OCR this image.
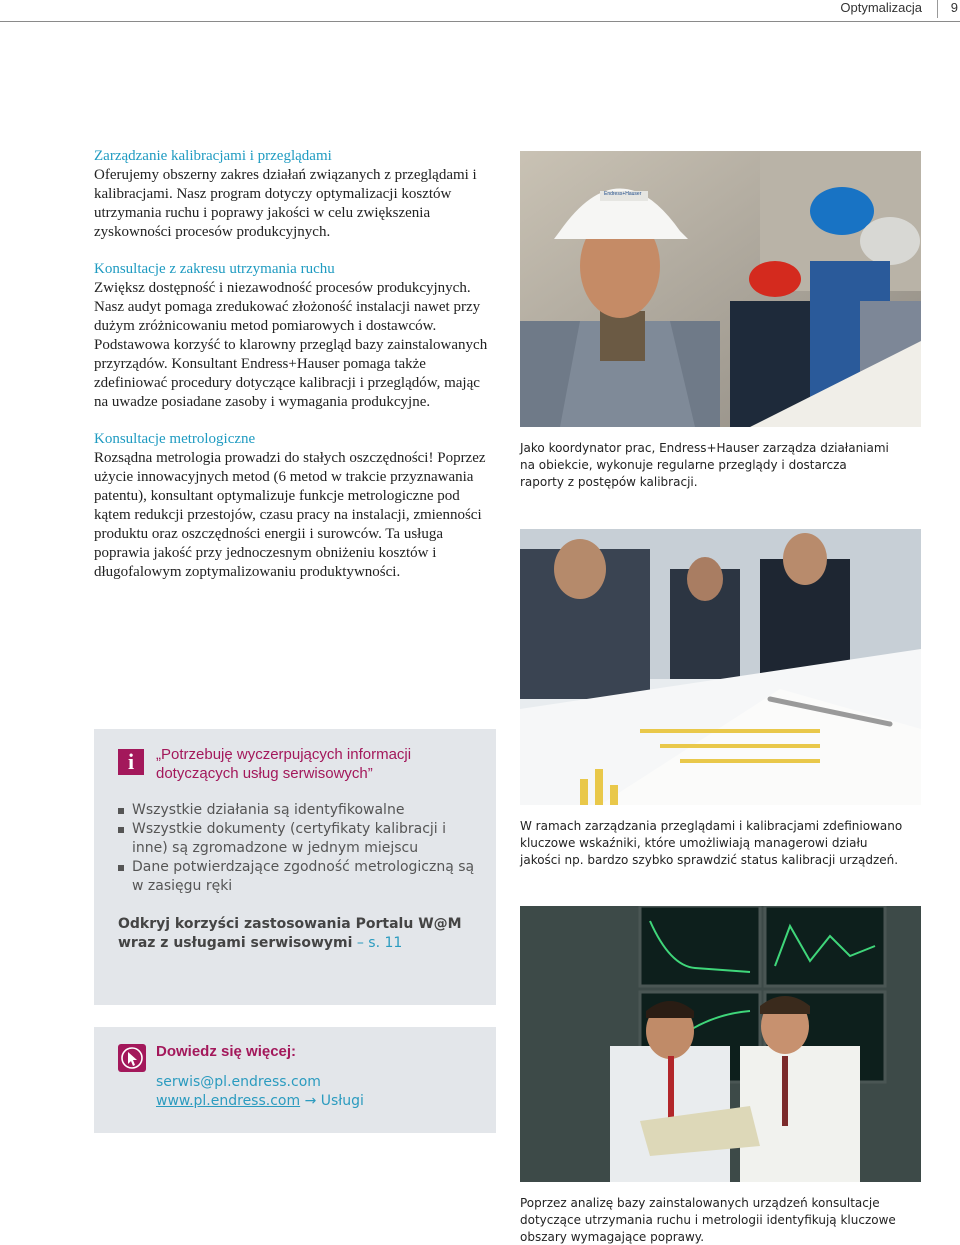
Optymalizacja 9
Zarządzanie kalibracjami i przeglądami

Oferujemy obszerny zakres działań związanych z przeglądami i kalibracjami. Nasz program dotyczy optymalizacji kosztów utrzymania ruchu i poprawy jakości w celu zwiększenia zyskowności procesów produkcyjnych.

Konsultacje z zakresu utrzymania ruchu

Zwiększ dostępność i niezawodność procesów produkcyjnych. Nasz audyt pomaga zredukować złożoność instalacji nawet przy dużym zróżnicowaniu metod pomiarowych i dostawców. Podstawowa korzyść to klarowny przegląd bazy zainstalowanych przyrządów. Konsultant Endress+Hauser pomaga także zdefiniować procedury dotyczące kalibracji i przeglądów, mając na uwadze posiadane zasoby i wymagania produkcyjne.

Konsultacje metrologiczne

Rozsądna metrologia prowadzi do stałych oszczędności! Poprzez użycie innowacyjnych metod (6 metod w trakcie przyznawania patentu), konsultant optymalizuje funkcje metrologiczne pod kątem redukcji przestojów, czasu pracy na instalacji, zmienności produktu oraz oszczędności energii i surowców. Ta usługa poprawia jakość przy jednoczesnym obniżeniu kosztów i długofalowym zoptymalizowaniu produktywności.

Endress+Hauser
Jako koordynator prac, Endress+Hauser zarządza działaniami na obiekcie, wykonuje regularne przeglądy i dostarcza raporty z postępów kalibracji.
W ramach zarządzania przeglądami i kalibracjami zdefiniowano kluczowe wskaźniki, które umożliwiają managerowi działu jakości np. bardzo szybko sprawdzić status kalibracji urządzeń.
Poprzez analizę bazy zainstalowanych urządzeń konsultacje dotyczące utrzymania ruchu i metrologii identyfikują kluczowe obszary wymagające poprawy.
i	„Potrzebuję wyczerpujących informacji dotyczących usług serwisowych”
Wszystkie działania są identyfikowalne
Wszystkie dokumenty (certyfikaty kalibracji i inne) są zgromadzone w jednym miejscu
Dane potwierdzające zgodność metrologiczną są w zasięgu ręki
Odkryj korzyści zastosowania Portalu W@M wraz z usługami serwisowymi – s. 11
Dowiedz się więcej:
serwis@pl.endress.com
www.pl.endress.com → Usługi
